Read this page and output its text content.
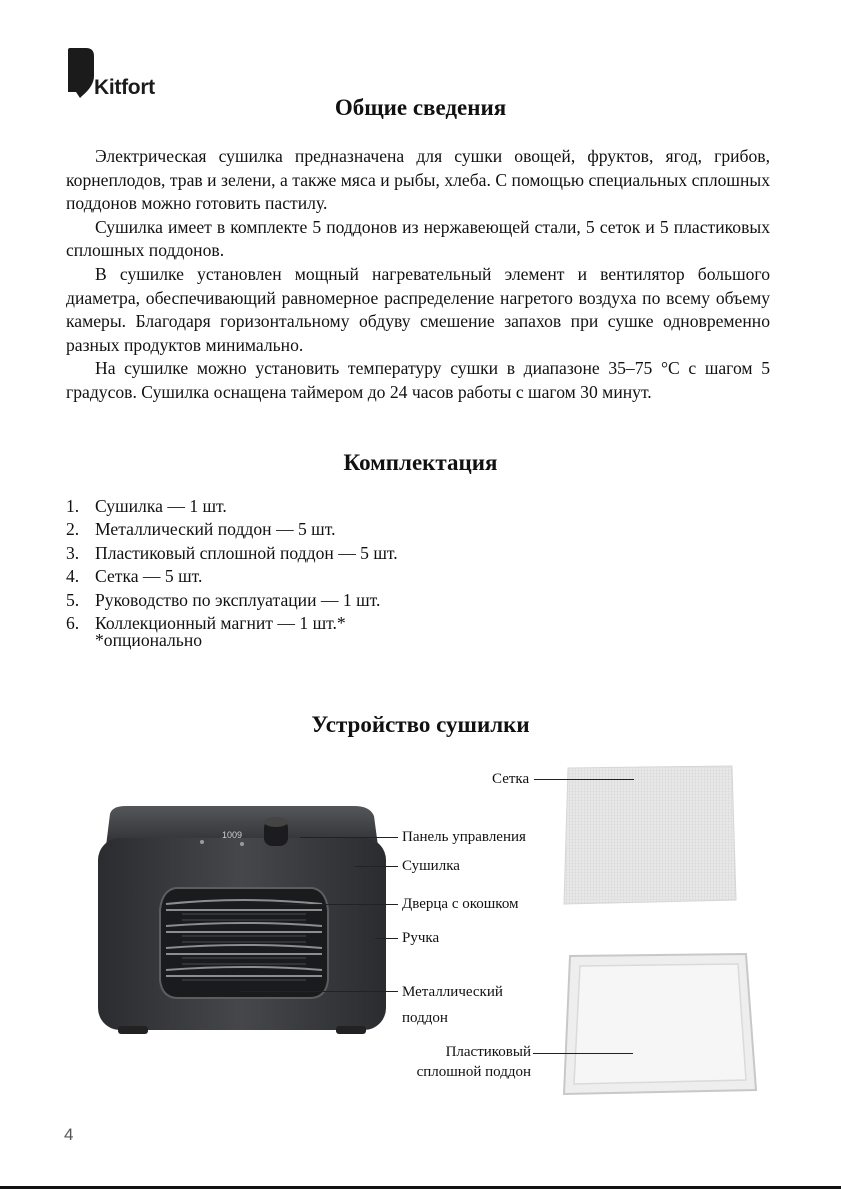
Kitfort
Общие сведения

Электрическая сушилка предназначена для сушки овощей, фруктов, ягод, грибов, корнеплодов, трав и зелени, а также мяса и рыбы, хлеба. С помощью специальных сплошных поддонов можно готовить пастилу.

Сушилка имеет в комплекте 5 поддонов из нержавеющей стали, 5 сеток и 5 пластиковых сплошных поддонов.

В сушилке установлен мощный нагревательный элемент и вентилятор большого диаметра, обеспечивающий равномерное распределение нагретого воздуха по всему объему камеры. Благодаря горизонтальному обдуву смешение запахов при сушке одновременно разных продуктов минимально.

На сушилке можно установить температуру сушки в диапазоне 35–75 °C с шагом 5 градусов. Сушилка оснащена таймером до 24 часов работы с шагом 30 минут.

Комплектация
1. Сушилка — 1 шт.
2. Металлический поддон — 5 шт.
3. Пластиковый сплошной поддон — 5 шт.
4. Сетка — 5 шт.
5. Руководство по эксплуатации — 1 шт.
6. Коллекционный магнит — 1 шт.*
*опционально
Устройство сушилки
1009
Сетка
Панель управления
Сушилка
Дверца с окошком
Ручка
Металлический
поддон
Пластиковый
сплошной поддон
4
